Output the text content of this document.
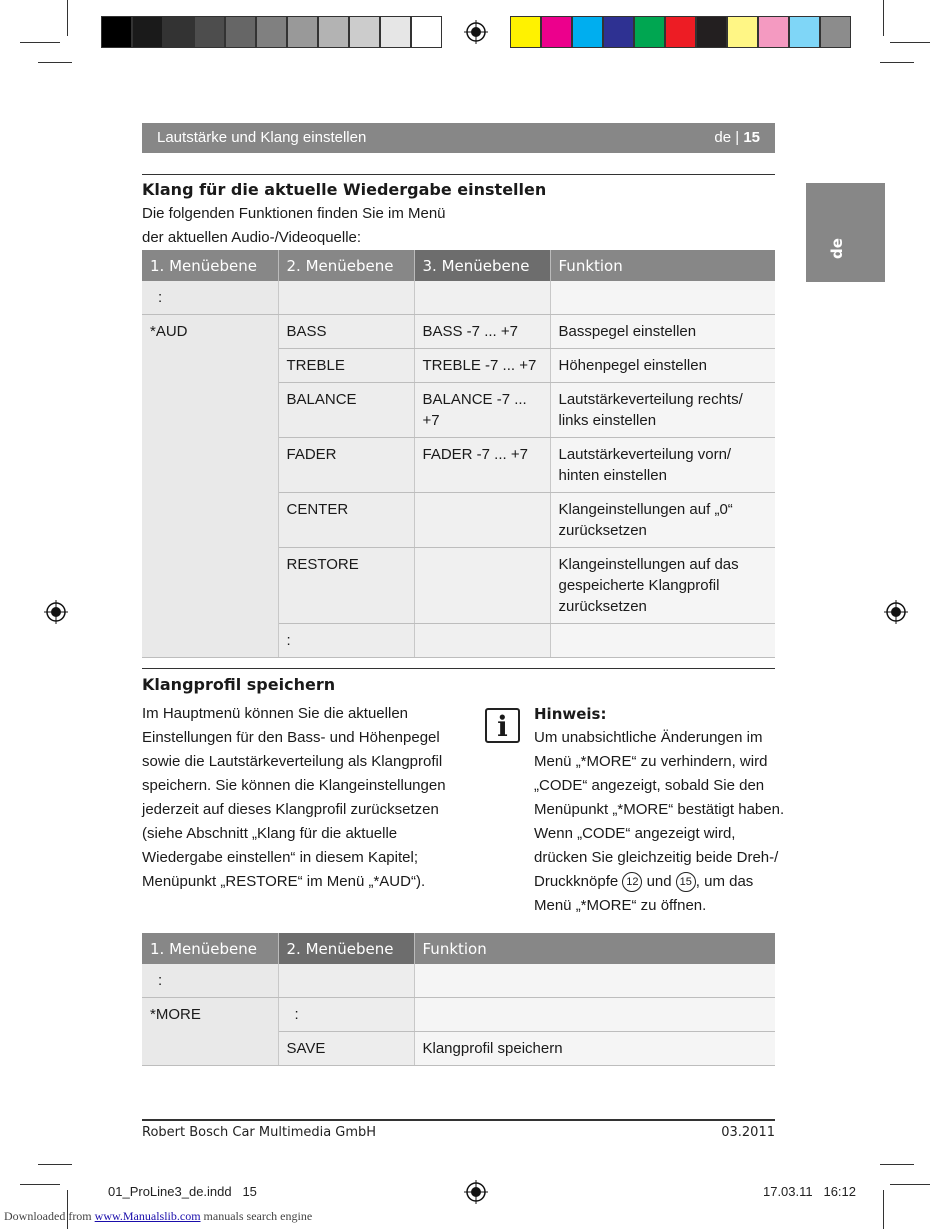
Lautstärke und Klang einstellen	de | 15
de
Klang für die aktuelle Wiedergabe einstellen
Die folgenden Funktionen finden Sie im Menü
der aktuellen Audio-/Videoquelle:
1. Menüebene	2. Menüebene	3. Menüebene	Funktion
:			
*AUD	BASS	BASS -7 ... +7	Basspegel einstellen
	TREBLE	TREBLE -7 ... +7	Höhenpegel einstellen
	BALANCE	BALANCE -7 ... +7	Lautstärkeverteilung rechts/ links einstellen
	FADER	FADER -7 ... +7	Lautstärkeverteilung vorn/ hinten einstellen
	CENTER		Klangeinstellungen auf „0“ zurücksetzen
	RESTORE		Klangeinstellungen auf das gespeicherte Klangprofil zurücksetzen
	:		
Klangprofil speichern
Im Hauptmenü können Sie die aktuellen
Einstellungen für den Bass- und Höhenpegel
sowie die Lautstärkeverteilung als Klangprofil
speichern. Sie können die Klangeinstellungen
jederzeit auf dieses Klangprofil zurücksetzen
(siehe Abschnitt „Klang für die aktuelle
Wiedergabe einstellen“ in diesem Kapitel;
Menüpunkt „RESTORE“ im Menü „*AUD“).
i	Hinweis:
Um unabsichtliche Änderungen im
Menü „*MORE“ zu verhindern, wird
„CODE“ angezeigt, sobald Sie den
Menüpunkt „*MORE“ bestätigt haben.
Wenn „CODE“ angezeigt wird,
drücken Sie gleichzeitig beide Dreh-/
Druckknöpfe 12 und 15 , um das
Menü „*MORE“ zu öffnen.
1. Menüebene	2. Menüebene	Funktion
:		
*MORE	:	
	SAVE	Klangprofil speichern
Robert Bosch Car Multimedia GmbH	03.2011
01_ProLine3_de.indd   15	17.03.11   16:12
Downloaded from www.Manualslib.com manuals search engine
